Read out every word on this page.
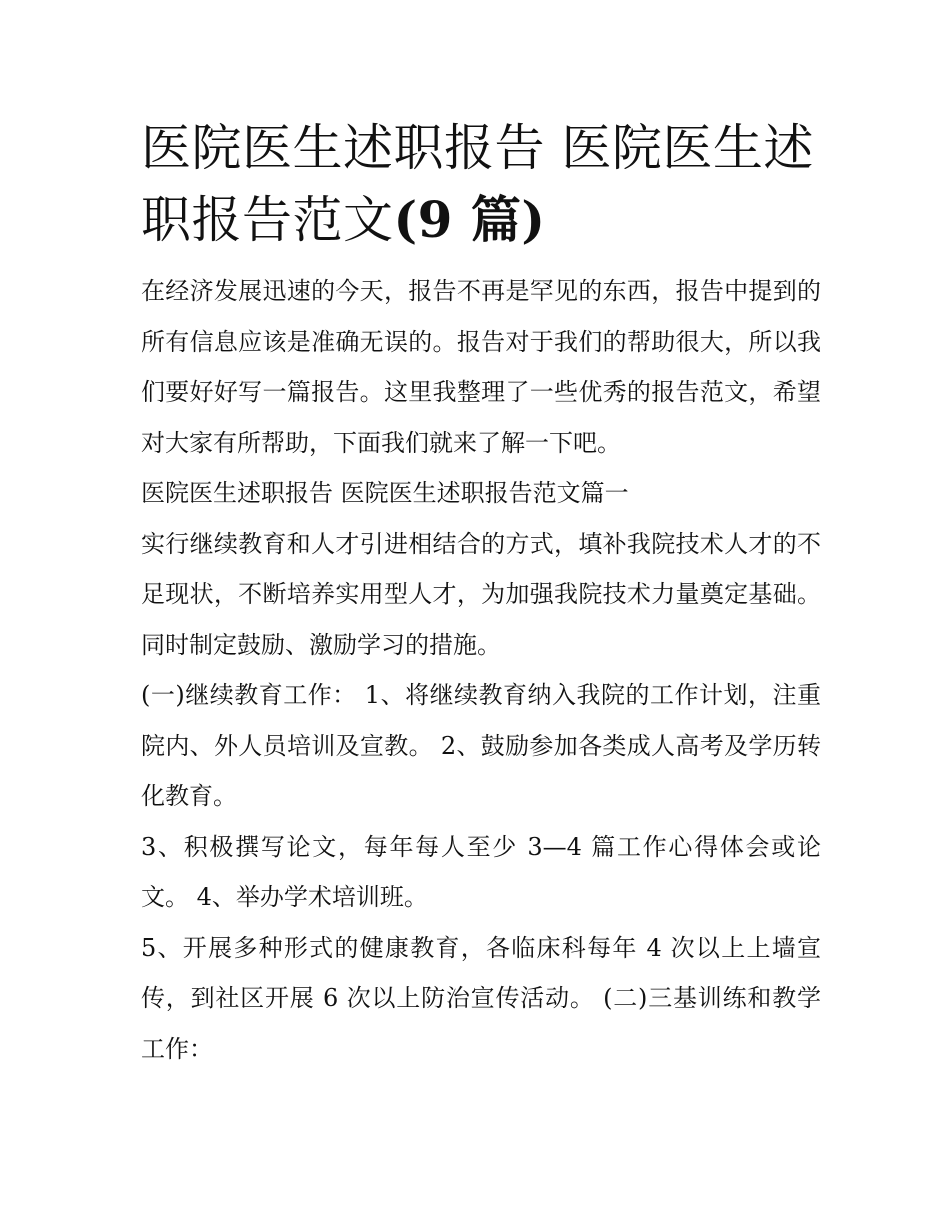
医院医生述职报告 医院医生述职报告范文(9 篇)

在经济发展迅速的今天，报告不再是罕见的东西，报告中提到的所有信息应该是准确无误的。报告对于我们的帮助很大，所以我们要好好写一篇报告。这里我整理了一些优秀的报告范文，希望对大家有所帮助，下面我们就来了解一下吧。

医院医生述职报告 医院医生述职报告范文篇一

实行继续教育和人才引进相结合的方式，填补我院技术人才的不足现状，不断培养实用型人才，为加强我院技术力量奠定基础。同时制定鼓励、激励学习的措施。

(一)继续教育工作： 1、将继续教育纳入我院的工作计划，注重院内、外人员培训及宣教。 2、鼓励参加各类成人高考及学历转化教育。

3、积极撰写论文，每年每人至少 3—4 篇工作心得体会或论文。 4、举办学术培训班。

5、开展多种形式的健康教育，各临床科每年 4 次以上上墙宣传，到社区开展 6 次以上防治宣传活动。 (二)三基训练和教学工作：
